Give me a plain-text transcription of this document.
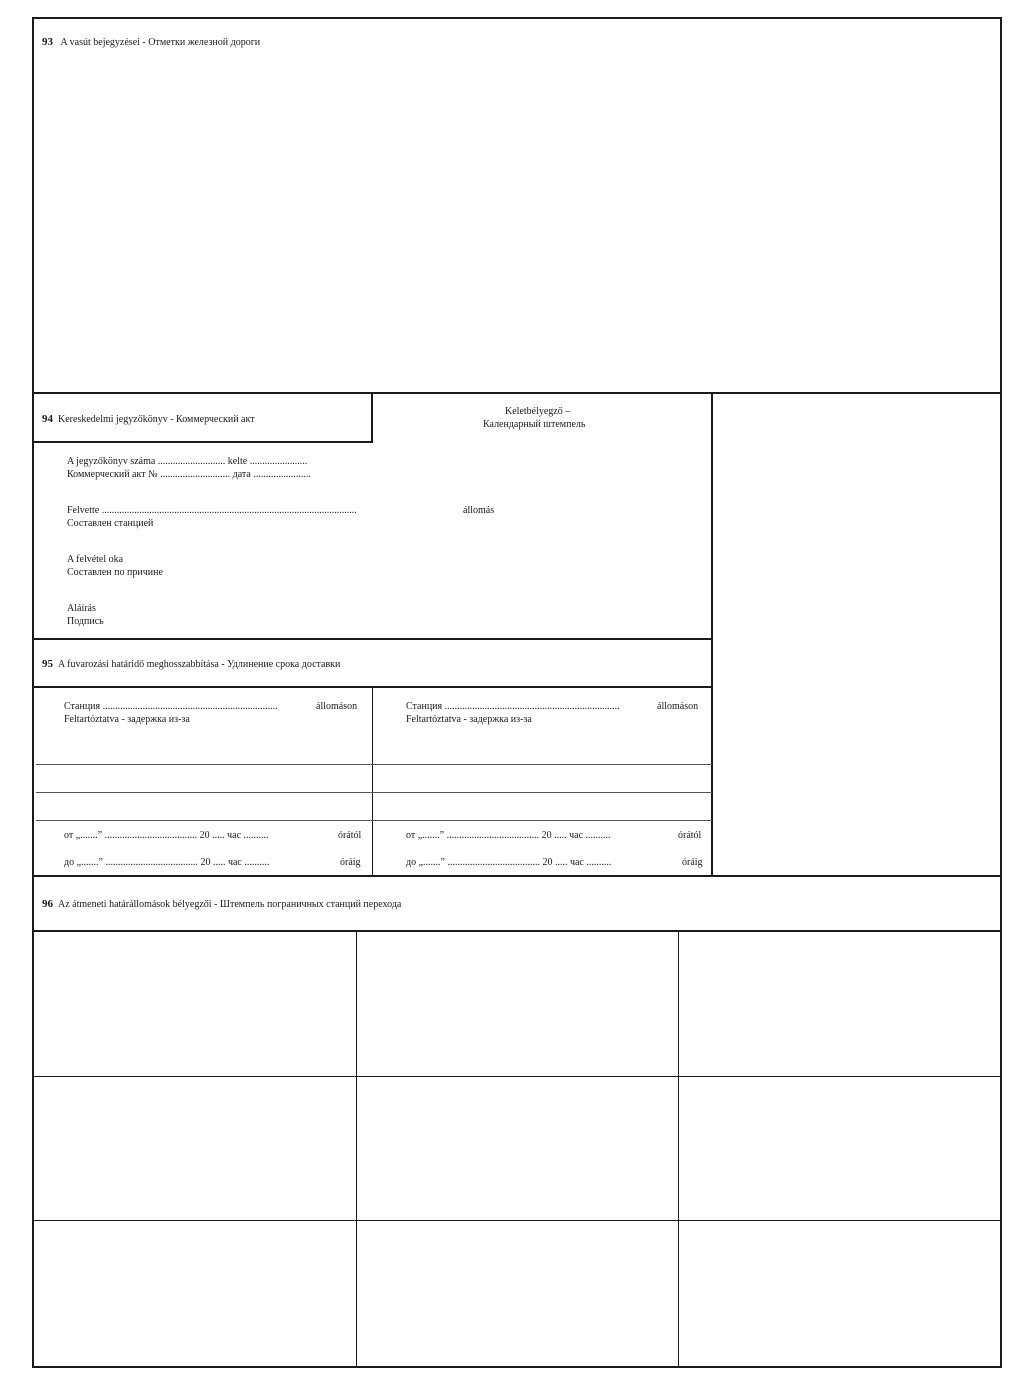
93 A vasút bejegyzései - Отметки железной дороги
94 Kereskedelmi jegyzőkönyv - Коммерческий акт
Keletbélyegző –
Календарный штемпель
A jegyzőkönyv száma ........................... kelte .......................
Коммерческий акт № ............................ дата .......................
Felvette ......................................................................................................	állomás
Составлен станцией
A felvétel oka
Составлен по причине
Aláírás
Подпись
95 A fuvarozási határidő meghosszabbítása - Удлинение срока доставки
Станция ......................................................................	állomáson
Feltartóztatva - задержка из-за
от „.......” ..................................... 20 ..... час ..........	órától
до „.......” ..................................... 20 ..... час ..........	óráig
Станция ......................................................................	állomáson
Feltartóztatva - задержка из-за
от „.......” ..................................... 20 ..... час ..........	órától
до „.......” ..................................... 20 ..... час ..........	óráig
96 Az átmeneti határállomások bélyegzői - Штемпель пограничных станций перехода
